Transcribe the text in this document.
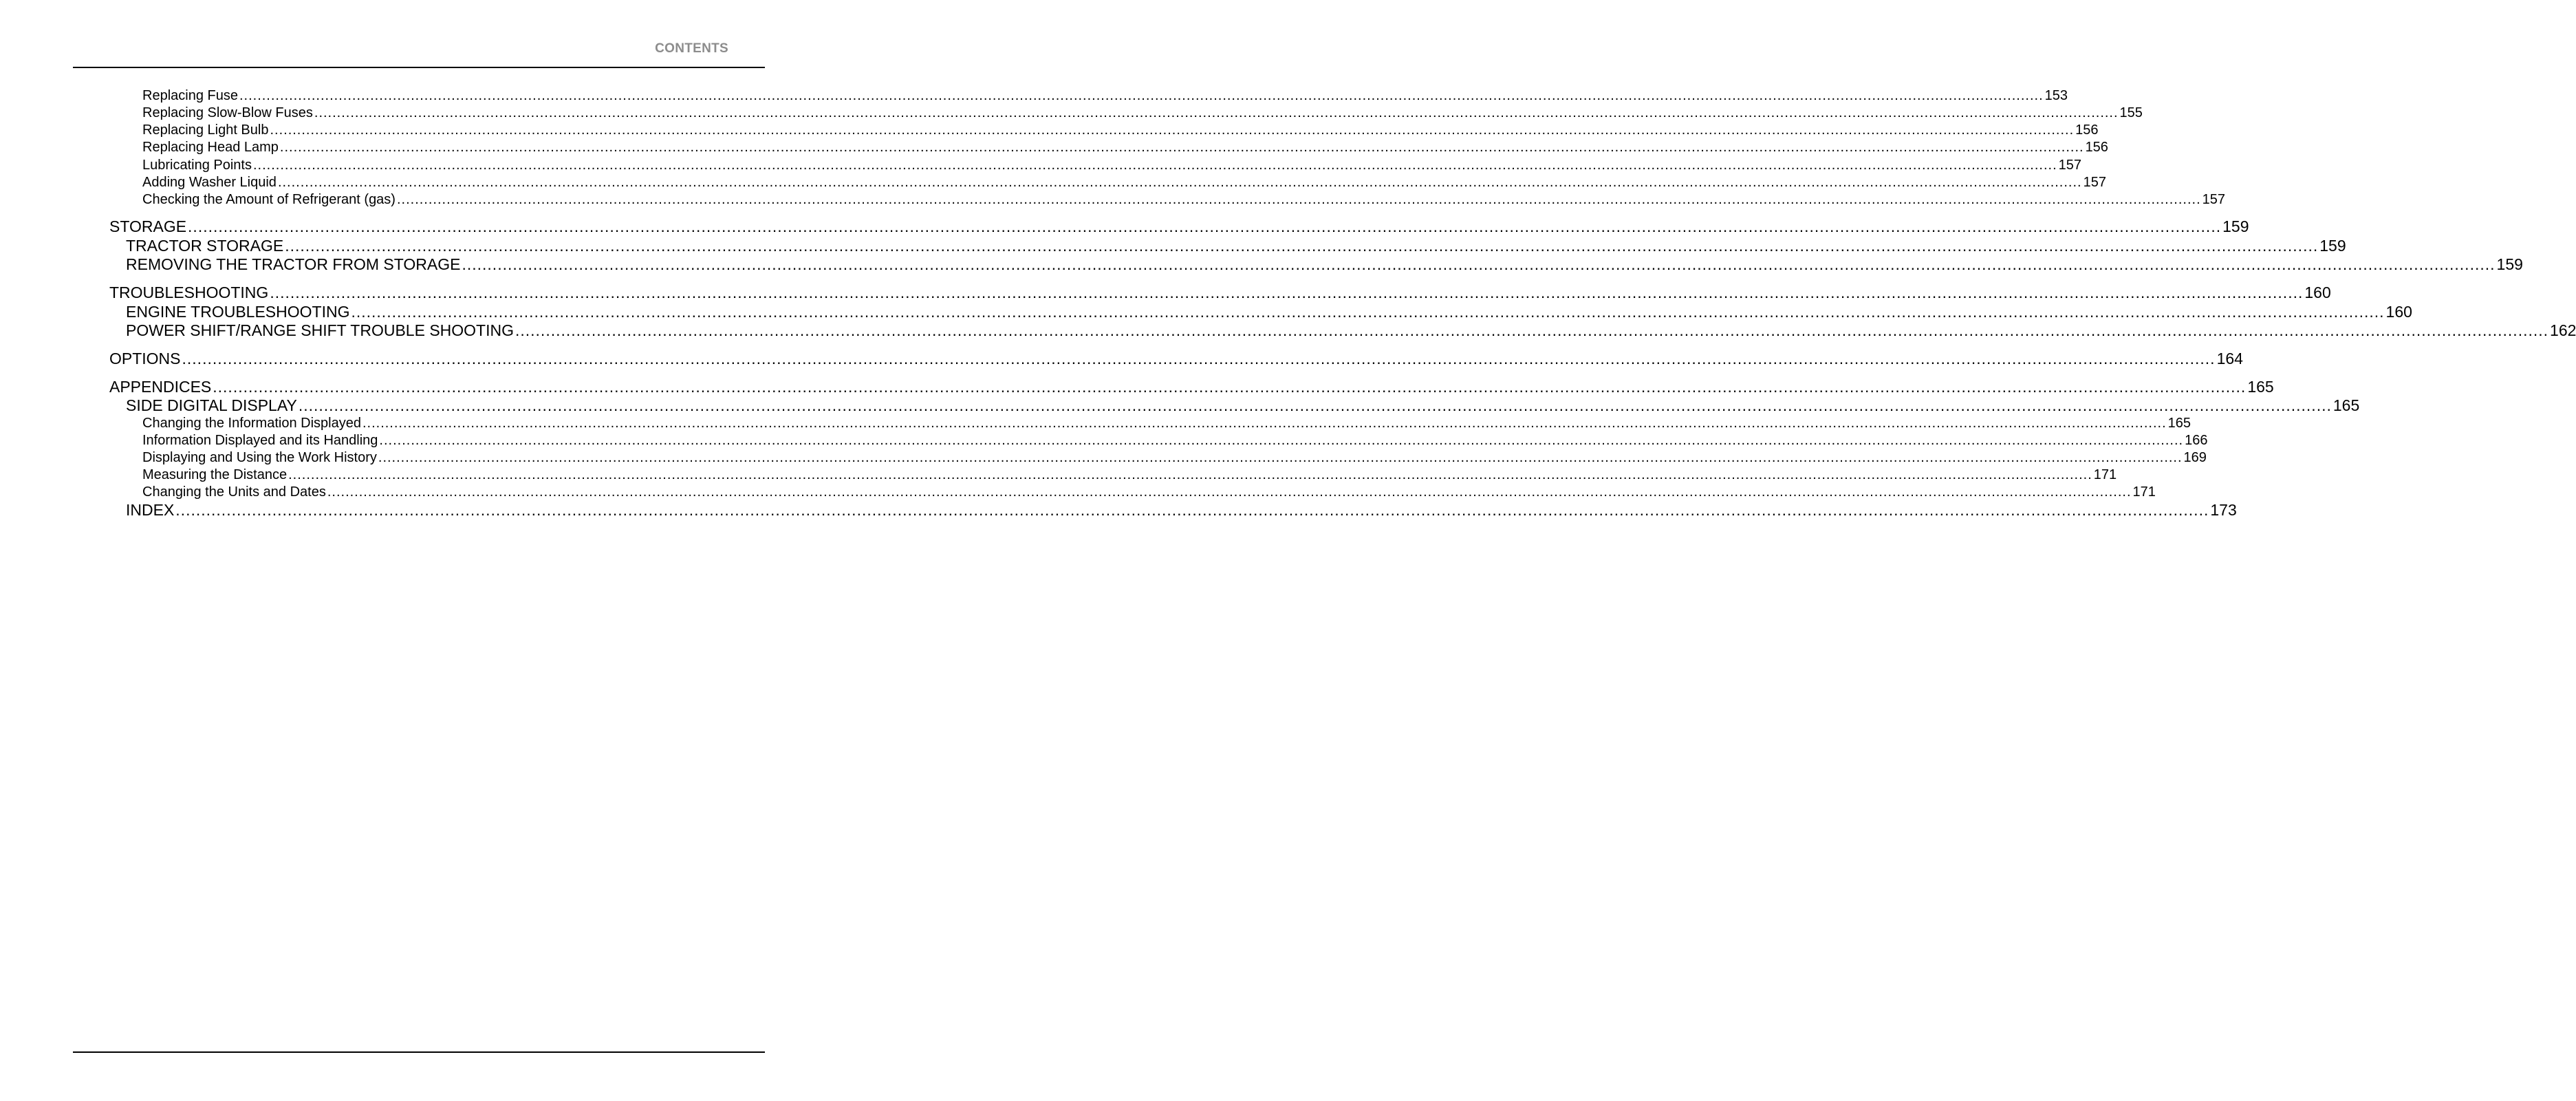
CONTENTS
Replacing Fuse ................................................................................................................................................................................................................................................................................................................................................................................................................ 153
Replacing Slow-Blow Fuses ................................................................................................................................................................................................................................................................................................................................................................................................................ 155
Replacing Light Bulb ................................................................................................................................................................................................................................................................................................................................................................................................................ 156
Replacing Head Lamp ................................................................................................................................................................................................................................................................................................................................................................................................................ 156
Lubricating Points ................................................................................................................................................................................................................................................................................................................................................................................................................ 157
Adding Washer Liquid ................................................................................................................................................................................................................................................................................................................................................................................................................ 157
Checking the Amount of Refrigerant (gas) ................................................................................................................................................................................................................................................................................................................................................................................................................ 157
STORAGE ................................................................................................................................................................................................................................................................................................................................................................................................................ 159
TRACTOR STORAGE ................................................................................................................................................................................................................................................................................................................................................................................................................ 159
REMOVING THE TRACTOR FROM STORAGE ................................................................................................................................................................................................................................................................................................................................................................................................................ 159
TROUBLESHOOTING ................................................................................................................................................................................................................................................................................................................................................................................................................ 160
ENGINE TROUBLESHOOTING ................................................................................................................................................................................................................................................................................................................................................................................................................ 160
POWER SHIFT/RANGE SHIFT TROUBLE SHOOTING ................................................................................................................................................................................................................................................................................................................................................................................................................ 162
OPTIONS ................................................................................................................................................................................................................................................................................................................................................................................................................ 164
APPENDICES ................................................................................................................................................................................................................................................................................................................................................................................................................ 165
SIDE DIGITAL DISPLAY ................................................................................................................................................................................................................................................................................................................................................................................................................ 165
Changing the Information Displayed ................................................................................................................................................................................................................................................................................................................................................................................................................ 165
Information Displayed and its Handling ................................................................................................................................................................................................................................................................................................................................................................................................................ 166
Displaying and Using the Work History ................................................................................................................................................................................................................................................................................................................................................................................................................ 169
Measuring the Distance ................................................................................................................................................................................................................................................................................................................................................................................................................ 171
Changing the Units and Dates ................................................................................................................................................................................................................................................................................................................................................................................................................ 171
INDEX ................................................................................................................................................................................................................................................................................................................................................................................................................ 173
